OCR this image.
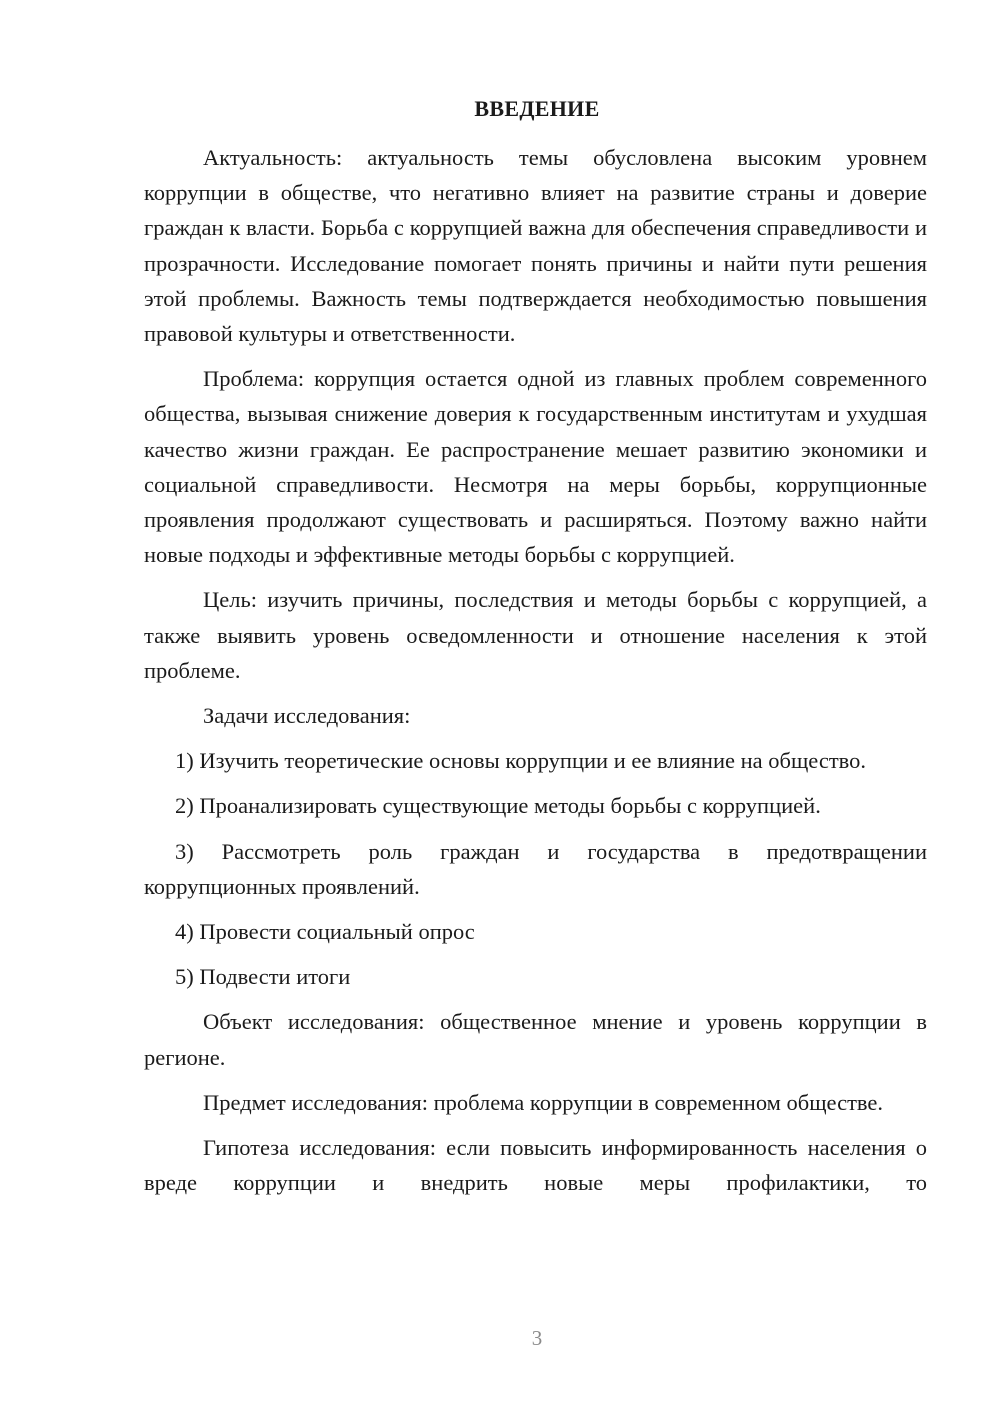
ВВЕДЕНИЕ

Актуальность: актуальность темы обусловлена высоким уровнем коррупции в обществе, что негативно влияет на развитие страны и доверие граждан к власти. Борьба с коррупцией важна для обеспечения справедливости и прозрачности. Исследование помогает понять причины и найти пути решения этой проблемы. Важность темы подтверждается необходимостью повышения правовой культуры и ответственности.

Проблема: коррупция остается одной из главных проблем современного общества, вызывая снижение доверия к государственным институтам и ухудшая качество жизни граждан. Ее распространение мешает развитию экономики и социальной справедливости. Несмотря на меры борьбы, коррупционные проявления продолжают существовать и расширяться. Поэтому важно найти новые подходы и эффективные методы борьбы с коррупцией.

Цель: изучить причины, последствия и методы борьбы с коррупцией, а также выявить уровень осведомленности и отношение населения к этой проблеме.

Задачи исследования:

1) Изучить теоретические основы коррупции и ее влияние на общество.

2) Проанализировать существующие методы борьбы с коррупцией.

3) Рассмотреть роль граждан и государства в предотвращении коррупционных проявлений.

4) Провести социальный опрос

5) Подвести итоги

Объект исследования: общественное мнение и уровень коррупции в регионе.

Предмет исследования: проблема коррупции в современном обществе.

Гипотеза исследования: если повысить информированность населения о вреде коррупции и внедрить новые меры профилактики, то

3
